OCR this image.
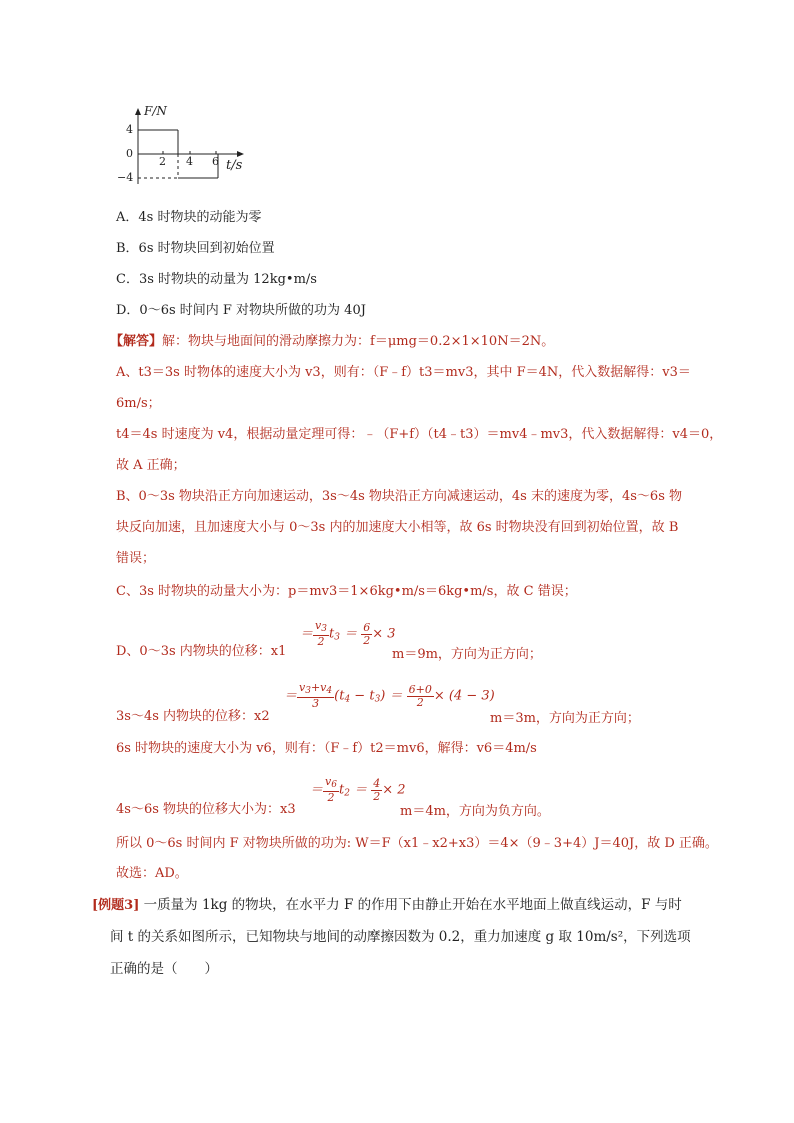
F/N
4
0
−4
2 4 6 t/s
A．4s 时物块的动能为零
B．6s 时物块回到初始位置
C．3s 时物块的动量为 12kg•m/s
D．0～6s 时间内 F 对物块所做的功为 40J
【解答】解：物块与地面间的滑动摩擦力为：f＝μmg＝0.2×1×10N＝2N。
A、t3＝3s 时物体的速度大小为 v3，则有：（F﹣f）t3＝mv3，其中 F＝4N，代入数据解得：v3＝
6m/s；
t4＝4s 时速度为 v4，根据动量定理可得：﹣（F+f）（t4﹣t3）＝mv4﹣mv3，代入数据解得：v4＝0，
故 A 正确；
B、0～3s 物块沿正方向加速运动，3s～4s 物块沿正方向减速运动，4s 末的速度为零，4s～6s 物
块反向加速，且加速度大小与 0～3s 内的加速度大小相等，故 6s 时物块没有回到初始位置，故 B
错误；
C、3s 时物块的动量大小为：p＝mv3＝1×6kg•m/s＝6kg•m/s，故 C 错误；
D、0～3s 内物块的位移：x1
＝ $\frac{v_3}{2} t_3 = \frac{6}{2} \times 3$
m＝9m，方向为正方向；
3s～4s 内物块的位移：x2
＝ $\frac{v_3+v_4}{3} (t_4 - t_3) = \frac{6+0}{2} \times (4 - 3)$
m＝3m，方向为正方向；
6s 时物块的速度大小为 v6，则有：（F﹣f）t2＝mv6，解得：v6＝4m/s
4s～6s 物块的位移大小为：x3
＝ $\frac{v_6}{2} t_2 = \frac{4}{2} \times 2$
m＝4m，方向为负方向。
所以 0～6s 时间内 F 对物块所做的功为: W＝F（x1﹣x2+x3）＝4×（9﹣3+4）J＝40J，故 D 正确。
故选：AD。
[例题3] 一质量为 1kg 的物块，在水平力 F 的作用下由静止开始在水平地面上做直线运动，F 与时
间 t 的关系如图所示，已知物块与地间的动摩擦因数为 0.2，重力加速度 g 取 10m/s²，下列选项
正确的是（　　）
